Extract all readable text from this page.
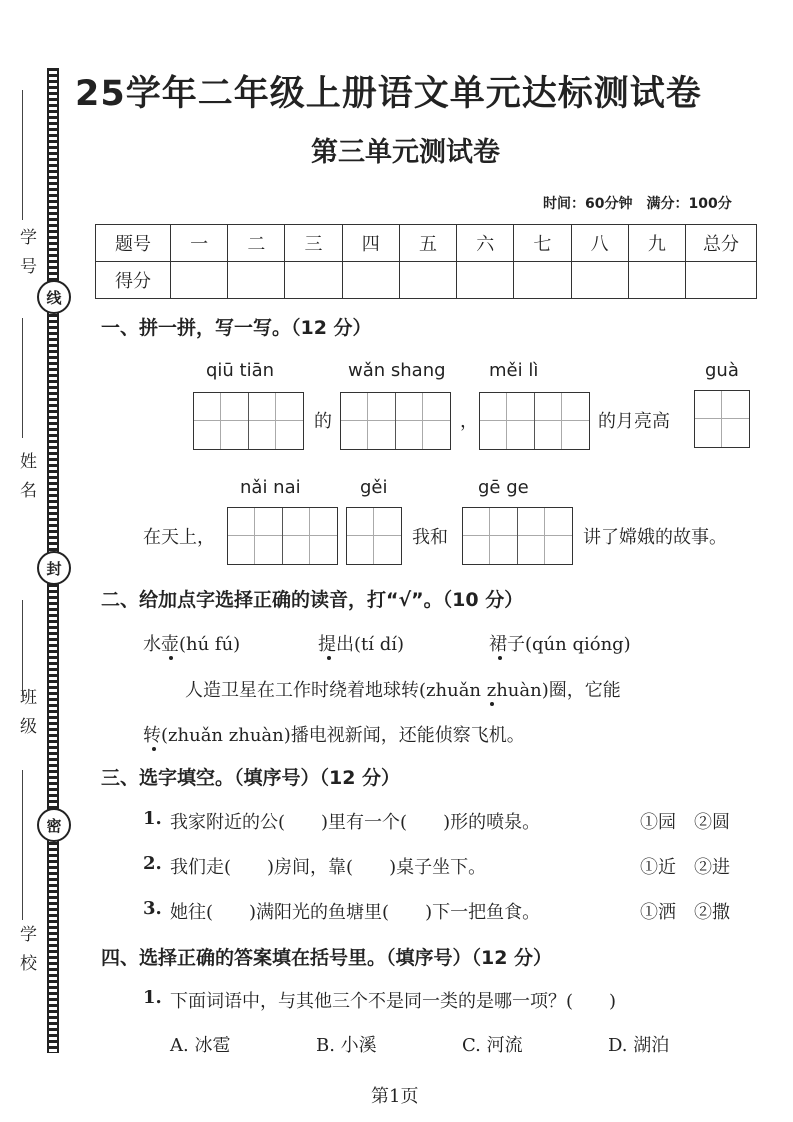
学号
姓名
班级
学校
线
封
密
25学年二年级上册语文单元达标测试卷
第三单元测试卷
时间：60分钟　满分：100分
题号	一	二	三	四	五	六	七	八	九	总分
得分										
一、拼一拼，写一写。（12 分）
qiū tiān	wǎn shang měi lì	guà
的	，	的月亮高
nǎi nai	gěi	gē ge
在天上，	我和	讲了嫦娥的故事。
二、给加点字选择正确的读音，打“√”。（10 分）
水壶(hú fú)	提出(tí dí)	裙子(qún qióng)
人造卫星在工作时绕着地球转(zhuǎn zhuàn)圈，它能
转(zhuǎn zhuàn)播电视新闻，还能侦察飞机。
三、选字填空。（填序号）（12 分）
1. 我家附近的公(　　)里有一个(　　)形的喷泉。	①园　②圆
2. 我们走(　　)房间，靠(　　)桌子坐下。	①近　②进
3. 她往(　　)满阳光的鱼塘里(　　)下一把鱼食。	①洒　②撒
四、选择正确的答案填在括号里。（填序号）（12 分）
1. 下面词语中，与其他三个不是同一类的是哪一项？(　　)
A. 冰雹	B. 小溪	C. 河流	D. 湖泊
第1页
